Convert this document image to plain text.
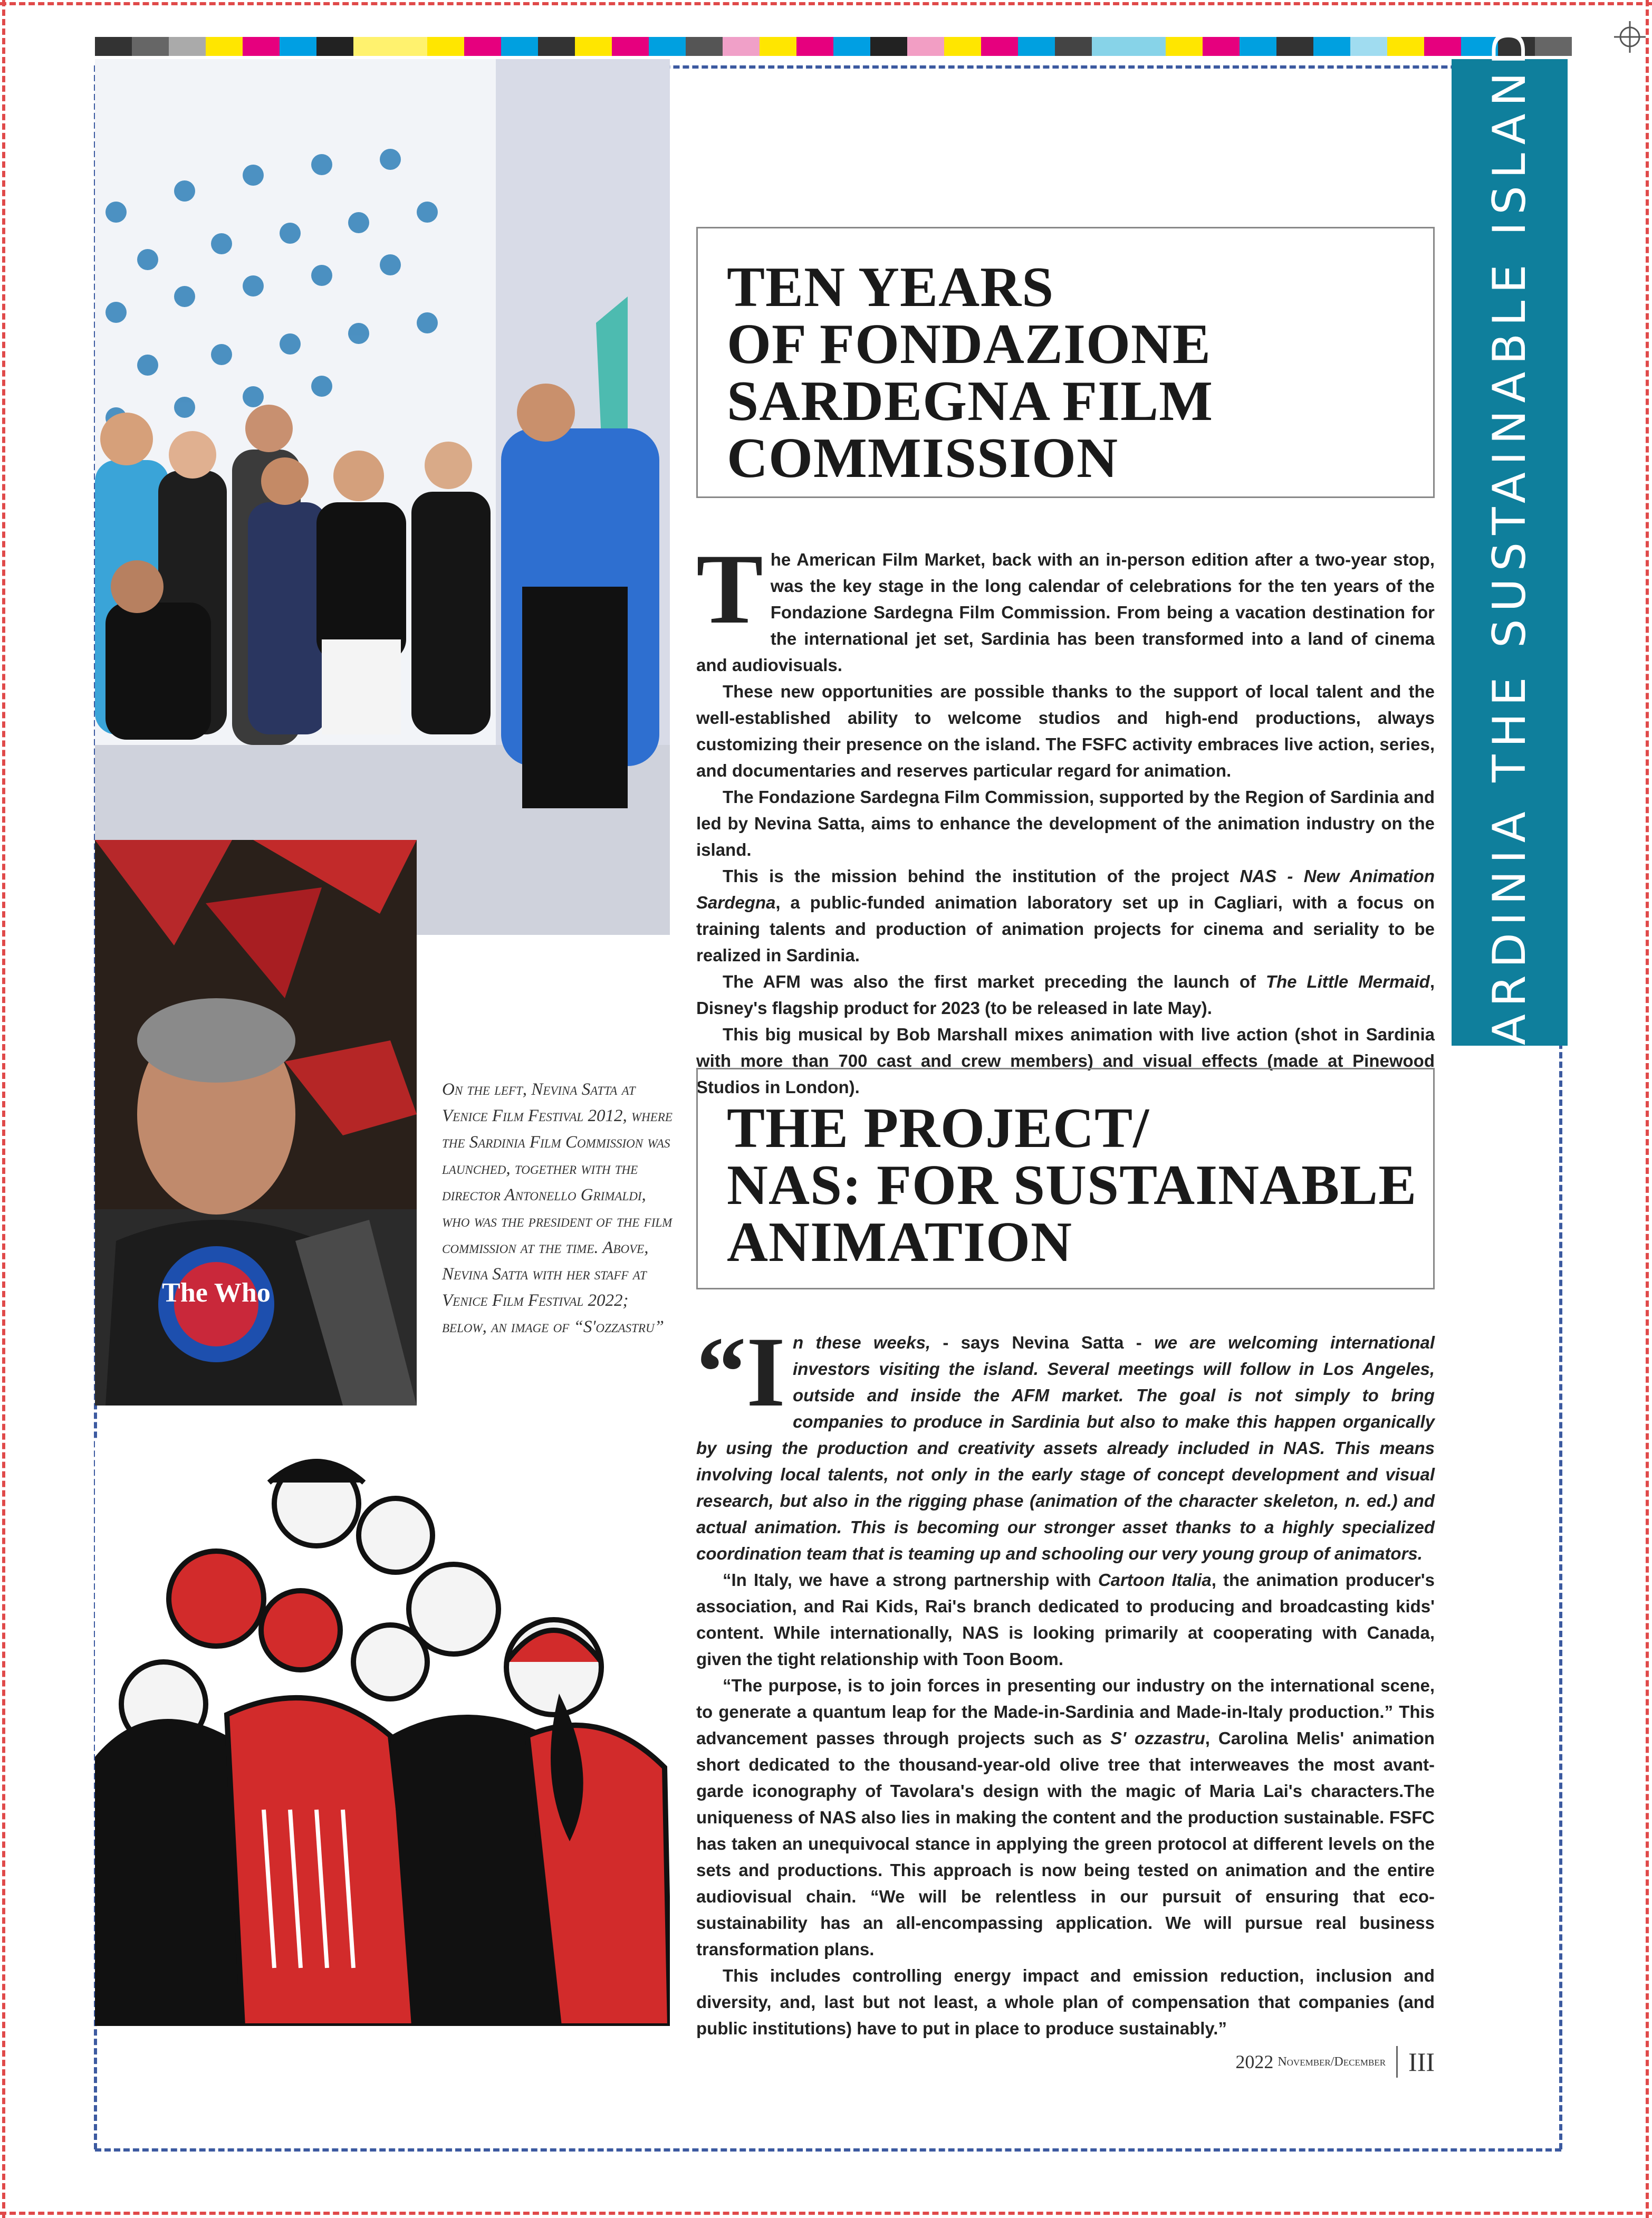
The Who
On the left, Nevina Satta at Venice Film Festival 2012, where the Sardinia Film Commission was launched, together with the director Antonello Grimaldi, who was the president of the film commission at the time. Above, Nevina Satta with her staff at Venice Film Festival 2022; below, an image of “S'ozzastru”
SARDINIA THE SUSTAINABLE ISLAND
TEN YEARS
OF FONDAZIONE
SARDEGNA FILM
COMMISSION

The American Film Market, back with an in-person edition after a two-year stop, was the key stage in the long calendar of celebrations for the ten years of the Fondazione Sardegna Film Commission. From being a vacation destination for the international jet set, Sardinia has been transformed into a land of cinema and audiovisuals.

These new opportunities are possible thanks to the support of local talent and the well-established ability to welcome studios and high-end productions, always customizing their presence on the island. The FSFC activity embraces live action, series, and documentaries and reserves particular regard for animation.

The Fondazione Sardegna Film Commission, supported by the Region of Sardinia and led by Nevina Satta, aims to enhance the development of the animation industry on the island.

This is the mission behind the institution of the project NAS - New Animation Sardegna, a public-funded animation laboratory set up in Cagliari, with a focus on training talents and production of animation projects for cinema and seriality to be realized in Sardinia.

The AFM was also the first market preceding the launch of The Little Mermaid, Disney's flagship product for 2023 (to be released in late May).

This big musical by Bob Marshall mixes animation with live action (shot in Sardinia with more than 700 cast and crew members) and visual effects (made at Pinewood Studios in London).

THE PROJECT/
NAS: FOR SUSTAINABLE
ANIMATION

“In these weeks, - says Nevina Satta - we are welcoming international investors visiting the island. Several meetings will follow in Los Angeles, outside and inside the AFM market. The goal is not simply to bring companies to produce in Sardinia but also to make this happen organically by using the production and creativity assets already included in NAS. This means involving local talents, not only in the early stage of concept development and visual research, but also in the rigging phase (animation of the character skeleton, n. ed.) and actual animation. This is becoming our stronger asset thanks to a highly specialized coordination team that is teaming up and schooling our very young group of animators.

“In Italy, we have a strong partnership with Cartoon Italia, the animation producer's association, and Rai Kids, Rai's branch dedicated to producing and broadcasting kids' content. While internationally, NAS is looking primarily at cooperating with Canada, given the tight relationship with Toon Boom.

“The purpose, is to join forces in presenting our industry on the international scene, to generate a quantum leap for the Made-in-Sardinia and Made-in-Italy production.” This advancement passes through projects such as S' ozzastru, Carolina Melis' animation short dedicated to the thousand-year-old olive tree that interweaves the most avant-garde iconography of Tavolara's design with the magic of Maria Lai's characters.The uniqueness of NAS also lies in making the content and the production sustainable. FSFC has taken an unequivocal stance in applying the green protocol at different levels on the sets and productions. This approach is now being tested on animation and the entire audiovisual chain. “We will be relentless in our pursuit of ensuring that eco-sustainability has an all-encompassing application. We will pursue real business transformation plans.

This includes controlling energy impact and emission reduction, inclusion and diversity, and, last but not least, a whole plan of compensation that companies (and public institutions) have to put in place to produce sustainably.”

2022 November/December III
